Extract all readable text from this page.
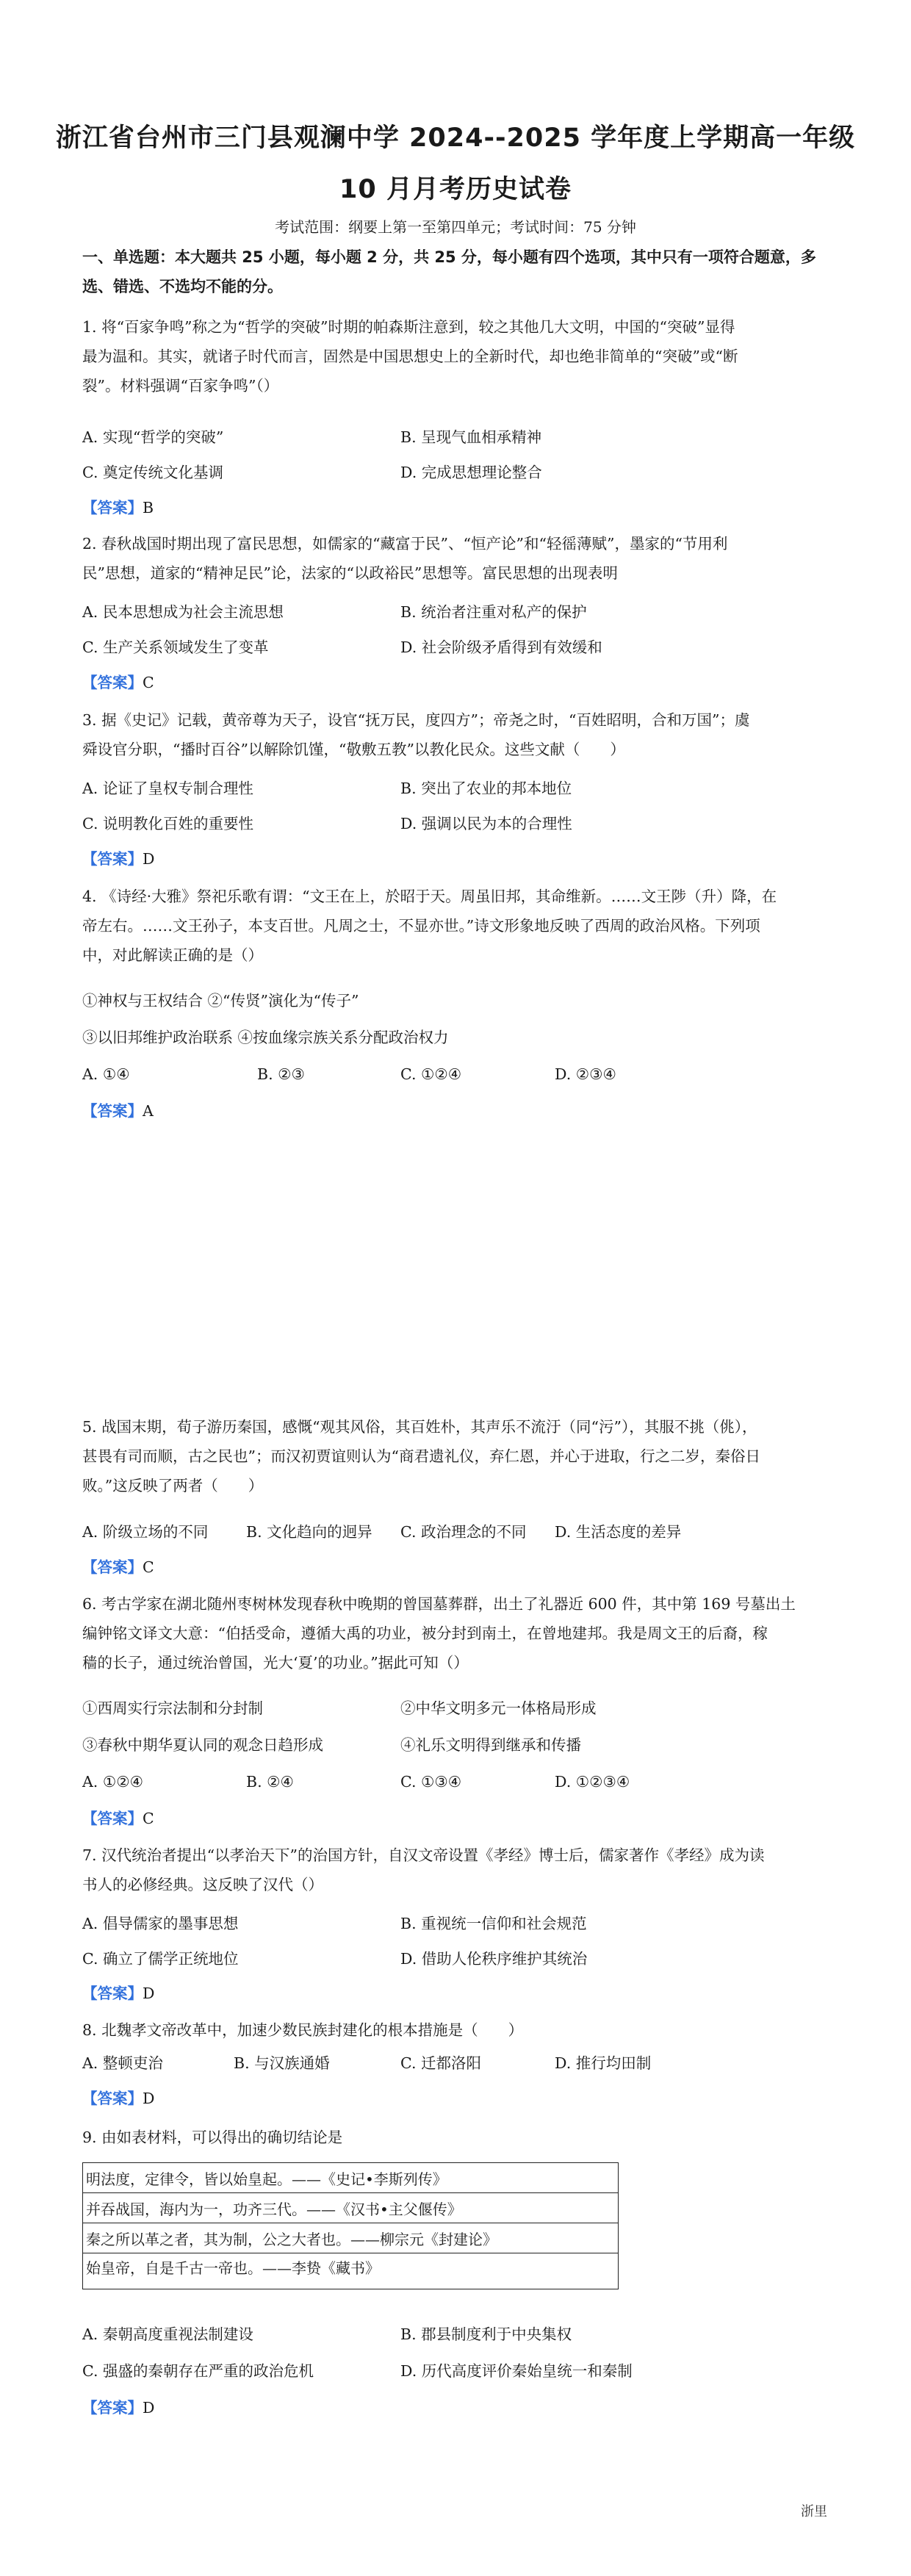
浙江省台州市三门县观澜中学 2024--2025 学年度上学期高一年级
10 月月考历史试卷
考试范围：纲要上第一至第四单元；考试时间：75 分钟
一、单选题：本大题共 25 小题，每小题 2 分，共 25 分，每小题有四个选项，其中只有一项符合题意，多
选、错选、不选均不能的分。
1. 将“百家争鸣”称之为“哲学的突破”时期的帕森斯注意到，较之其他几大文明，中国的“突破”显得
最为温和。其实，就诸子时代而言，固然是中国思想史上的全新时代，却也绝非简单的“突破”或“断
裂”。材料强调“百家争鸣”（）
A. 实现“哲学的突破”	B. 呈现气血相承精神
C. 奠定传统文化基调	D. 完成思想理论整合
【答案】B
2. 春秋战国时期出现了富民思想，如儒家的“藏富于民”、“恒产论”和“轻徭薄赋”，墨家的“节用利
民”思想，道家的“精神足民”论，法家的“以政裕民”思想等。富民思想的出现表明
A. 民本思想成为社会主流思想	B. 统治者注重对私产的保护
C. 生产关系领域发生了变革	D. 社会阶级矛盾得到有效缓和
【答案】C
3. 据《史记》记载，黄帝尊为天子，设官“抚万民，度四方”；帝尧之时，“百姓昭明，合和万国”；虞
舜设官分职，“播时百谷”以解除饥馑，“敬敷五教”以教化民众。这些文献（　　）
A. 论证了皇权专制合理性	B. 突出了农业的邦本地位
C. 说明教化百姓的重要性	D. 强调以民为本的合理性
【答案】D
4. 《诗经·大雅》祭祀乐歌有谓：“文王在上，於昭于天。周虽旧邦，其命维新。……文王陟（升）降，在
帝左右。……文王孙子，本支百世。凡周之士，不显亦世。”诗文形象地反映了西周的政治风格。下列项
中，对此解读正确的是（）
①神权与王权结合 ②“传贤”演化为“传子”
③以旧邦维护政治联系 ④按血缘宗族关系分配政治权力
A. ①④	B. ②③	C. ①②④	D. ②③④
【答案】A
5. 战国末期，荀子游历秦国，感慨“观其风俗，其百姓朴，其声乐不流汙（同“污”），其服不挑（佻），
甚畏有司而顺，古之民也”；而汉初贾谊则认为“商君遗礼仪，弃仁恩，并心于进取，行之二岁，秦俗日
败。”这反映了两者（　　）
A. 阶级立场的不同	B. 文化趋向的迥异 C. 政治理念的不同 D. 生活态度的差异
【答案】C
6. 考古学家在湖北随州枣树林发现春秋中晚期的曾国墓葬群，出土了礼器近 600 件，其中第 169 号墓出土
编钟铭文译文大意：“伯括受命，遵循大禹的功业，被分封到南土，在曾地建邦。我是周文王的后裔，稼
穑的长子，通过统治曾国，光大‘夏’的功业。”据此可知（）
①西周实行宗法制和分封制	②中华文明多元一体格局形成
③春秋中期华夏认同的观念日趋形成	④礼乐文明得到继承和传播
A. ①②④	B. ②④	C. ①③④	D. ①②③④
【答案】C
7. 汉代统治者提出“以孝治天下”的治国方针，自汉文帝设置《孝经》博士后，儒家著作《孝经》成为读
书人的必修经典。这反映了汉代（）
A. 倡导儒家的墨事思想	B. 重视统一信仰和社会规范
C. 确立了儒学正统地位	D. 借助人伦秩序维护其统治
【答案】D
8. 北魏孝文帝改革中，加速少数民族封建化的根本措施是（　　）
A. 整顿吏治	B. 与汉族通婚	C. 迁都洛阳	D. 推行均田制
【答案】D
9. 由如表材料，可以得出的确切结论是
明法度，定律令，皆以始皇起。——《史记•李斯列传》
并吞战国，海内为一，功齐三代。——《汉书•主父偃传》
秦之所以革之者，其为制，公之大者也。——柳宗元《封建论》
始皇帝，自是千古一帝也。——李贽《藏书》
A. 秦朝高度重视法制建设	B. 郡县制度利于中央集权
C. 强盛的秦朝存在严重的政治危机	D. 历代高度评价秦始皇统一和秦制
【答案】D
浙里
